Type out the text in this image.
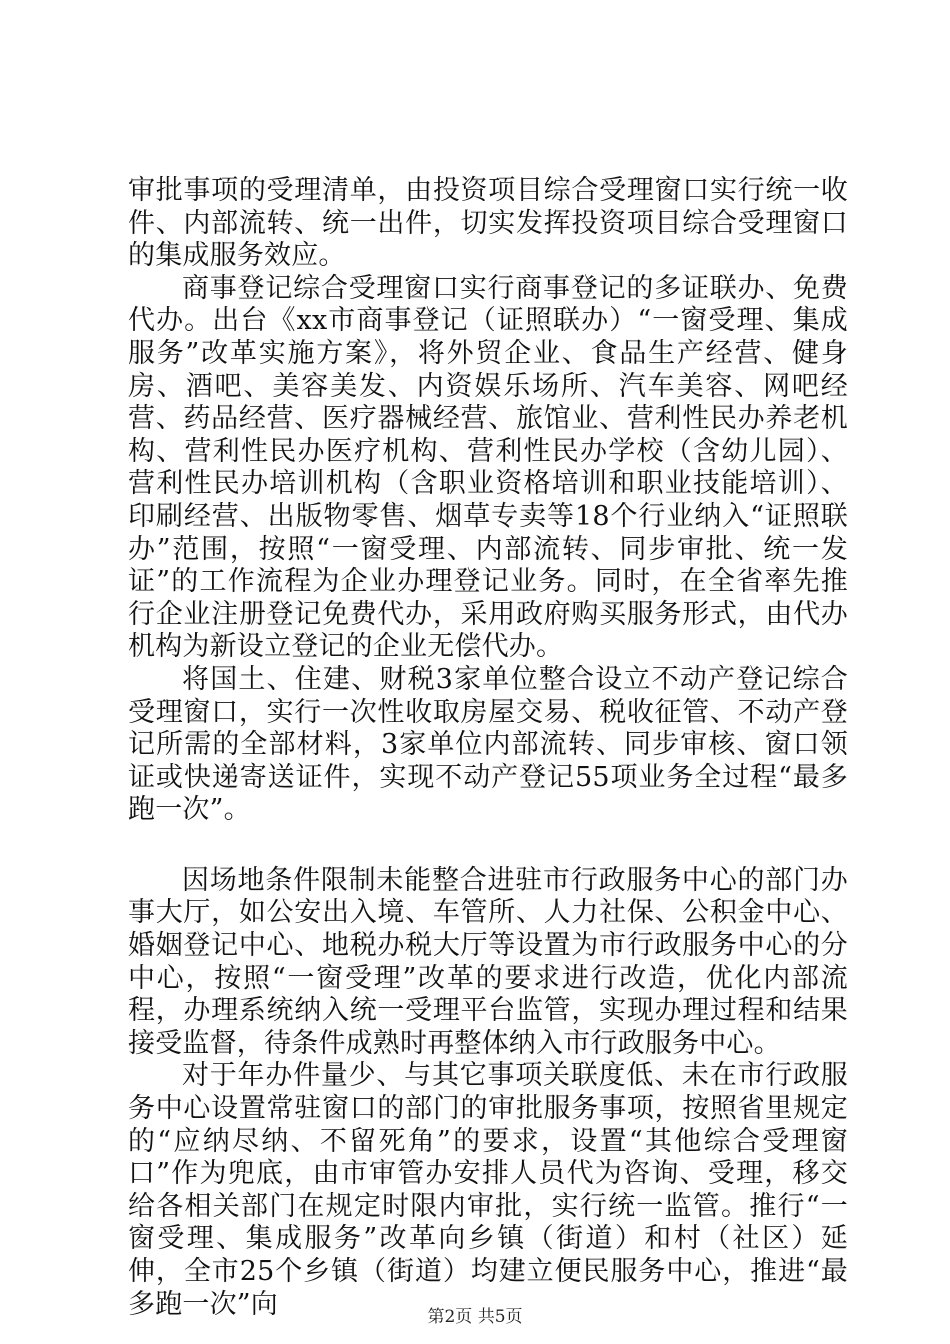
审批事项的受理清单，由投资项目综合受理窗口实行统一收件、内部流转、统一出件，切实发挥投资项目综合受理窗口的集成服务效应。

商事登记综合受理窗口实行商事登记的多证联办、免费代办。出台《xx市商事登记（证照联办）“一窗受理、集成服务”改革实施方案》，将外贸企业、食品生产经营、健身房、酒吧、美容美发、内资娱乐场所、汽车美容、网吧经营、药品经营、医疗器械经营、旅馆业、营利性民办养老机构、营利性民办医疗机构、营利性民办学校（含幼儿园）、营利性民办培训机构（含职业资格培训和职业技能培训）、印刷经营、出版物零售、烟草专卖等18个行业纳入“证照联办”范围，按照“一窗受理、内部流转、同步审批、统一发证”的工作流程为企业办理登记业务。同时，在全省率先推行企业注册登记免费代办，采用政府购买服务形式，由代办机构为新设立登记的企业无偿代办。

将国土、住建、财税3家单位整合设立不动产登记综合受理窗口，实行一次性收取房屋交易、税收征管、不动产登记所需的全部材料，3家单位内部流转、同步审核、窗口领证或快递寄送证件，实现不动产登记55项业务全过程“最多跑一次”。

因场地条件限制未能整合进驻市行政服务中心的部门办事大厅，如公安出入境、车管所、人力社保、公积金中心、婚姻登记中心、地税办税大厅等设置为市行政服务中心的分中心，按照“一窗受理”改革的要求进行改造，优化内部流程，办理系统纳入统一受理平台监管，实现办理过程和结果接受监督，待条件成熟时再整体纳入市行政服务中心。

对于年办件量少、与其它事项关联度低、未在市行政服务中心设置常驻窗口的部门的审批服务事项，按照省里规定的“应纳尽纳、不留死角”的要求，设置“其他综合受理窗口”作为兜底，由市审管办安排人员代为咨询、受理，移交给各相关部门在规定时限内审批，实行统一监管。推行“一窗受理、集成服务”改革向乡镇（街道）和村（社区）延伸，全市25个乡镇（街道）均建立便民服务中心，推进“最多跑一次”向	第2页 共5页
